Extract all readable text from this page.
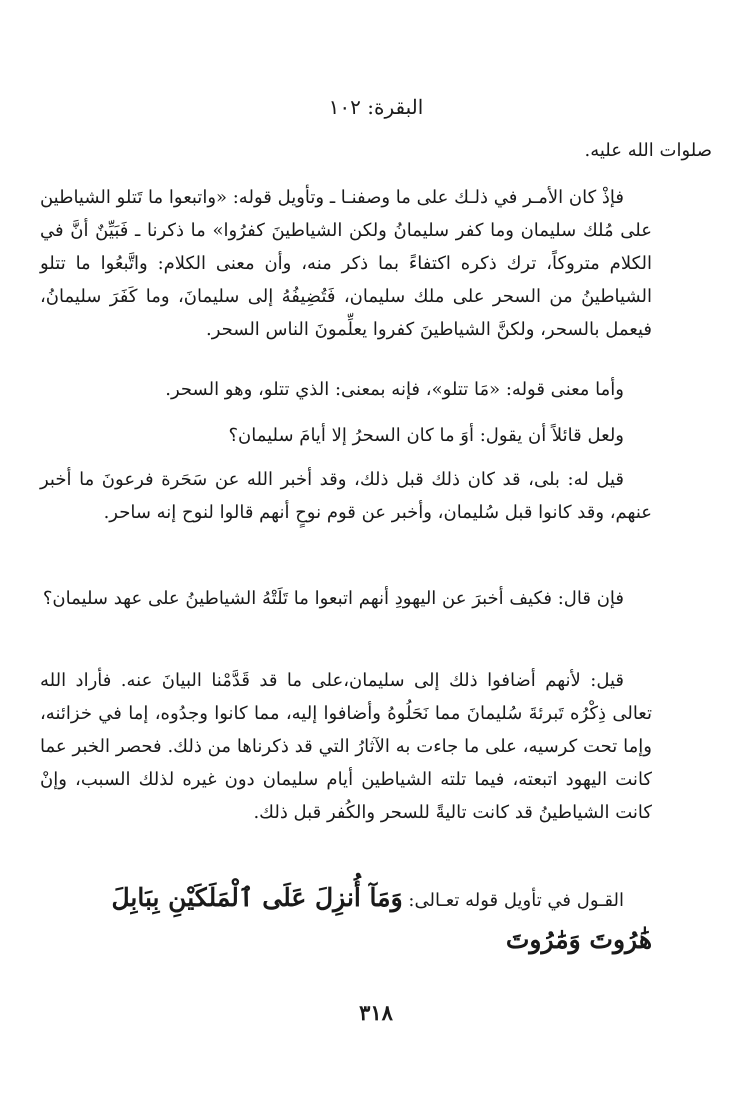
البقرة: ١٠٢
صلوات الله عليه.
فإذْ كان الأمـر في ذلـك على ما وصفنـا ـ وتأويل قوله: «واتبعوا ما تَتلو الشياطين على مُلك سليمان وما كفر سليمانُ ولكن الشياطينَ كفرُوا» ما ذكرنا ـ فَبَيِّنٌ أنَّ في الكلام متروكاً، ترك ذكره اكتفاءً بما ذكر منه، وأن معنى الكلام: واتَّبعُوا ما تتلو الشياطينُ من السحر على ملك سليمان، فَتُضِيفُهُ إلى سليمانَ، وما كَفَرَ سليمانُ، فيعمل بالسحر، ولكنَّ الشياطينَ كفروا يعلِّمونَ الناس السحر.
وأما معنى قوله: «مَا تتلو»، فإنه بمعنى: الذي تتلو، وهو السحر.
ولعل قائلاً أن يقول: أوَ ما كان السحرُ إلا أيامَ سليمان؟
قيل له: بلى، قد كان ذلك قبل ذلك، وقد أخبر الله عن سَحَرة فرعونَ ما أخبر عنهم، وقد كانوا قبل سُليمان، وأخبر عن قوم نوحٍ أنهم قالوا لنوح إنه ساحر.
فإن قال: فكيف أخبرَ عن اليهودِ أنهم اتبعوا ما تَلَتْهُ الشياطينُ على عهد سليمان؟
قيل: لأنهم أضافوا ذلك إلى سليمان،على ما قد قَدَّمْنا البيانَ عنه. فأراد الله تعالى ذِكْرُه تَبرئةَ سُليمانَ مما نَحَلُوهُ وأضافوا إليه، مما كانوا وجدُوه، إما في خزائنه، وإما تحت كرسيه، على ما جاءت به الآثارُ التي قد ذكرناها من ذلك. فحصر الخبر عما كانت اليهود اتبعته، فيما تلته الشياطين أيام سليمان دون غيره لذلك السبب، وإنْ كانت الشياطينُ قد كانت تاليةً للسحر والكُفر قبل ذلك.
القـول في تأويل قوله تعـالى: وَمَآ أُنزِلَ عَلَى ٱلْمَلَكَيْنِ بِبَابِلَ
هَٰرُوتَ وَمَٰرُوتَ
٣١٨
